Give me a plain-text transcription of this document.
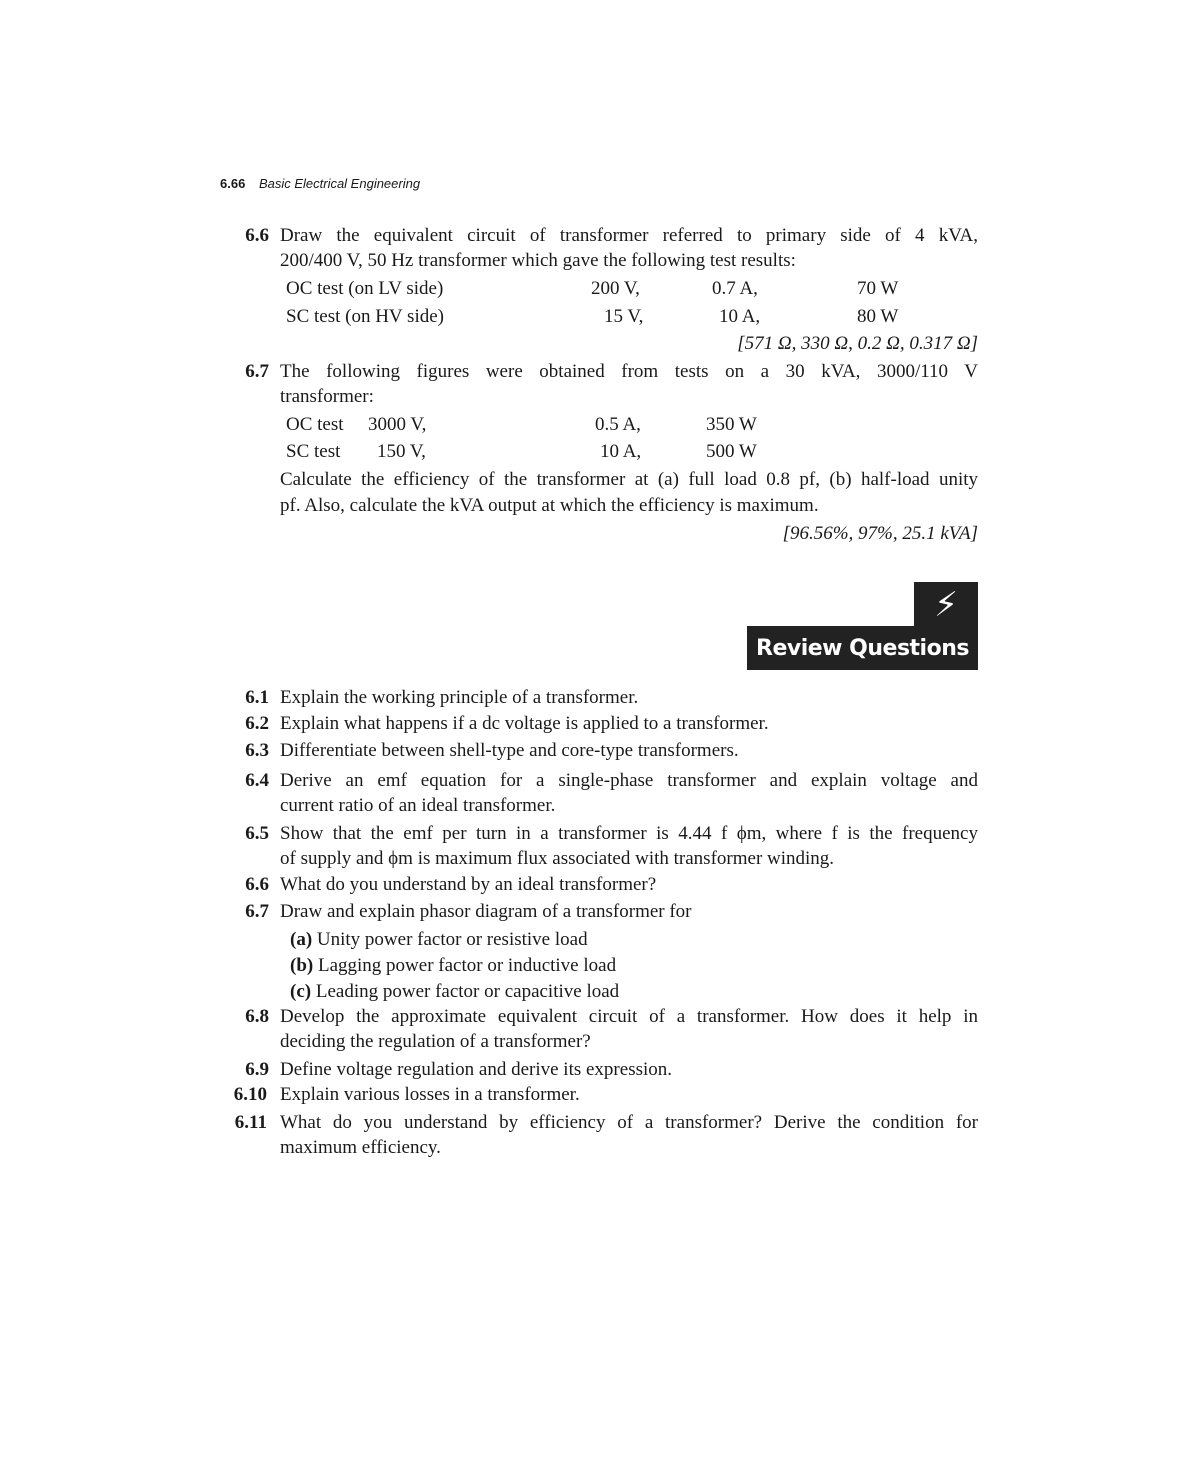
6.66 Basic Electrical Engineering
6.6 Draw the equivalent circuit of transformer referred to primary side of 4 kVA,
200/400 V, 50 Hz transformer which gave the following test results:
OC test (on LV side)	200 V,	0.7 A,	70 W
SC test (on HV side)	15 V,	10 A,	80 W
[571 Ω, 330 Ω, 0.2 Ω, 0.317 Ω]
6.7 The following figures were obtained from tests on a 30 kVA, 3000/110 V
transformer:
OC test 3000 V,	0.5 A,	350 W
SC test 150 V,	10 A,	500 W
Calculate the efficiency of the transformer at (a) full load 0.8 pf, (b) half-load unity
pf. Also, calculate the kVA output at which the efficiency is maximum.
[96.56%, 97%, 25.1 kVA]
⚡
Review Questions
6.1 Explain the working principle of a transformer.
6.2 Explain what happens if a dc voltage is applied to a transformer.
6.3 Differentiate between shell-type and core-type transformers.
6.4 Derive an emf equation for a single-phase transformer and explain voltage and
current ratio of an ideal transformer.
6.5 Show that the emf per turn in a transformer is 4.44 f ϕm, where f is the frequency
of supply and ϕm is maximum flux associated with transformer winding.
6.6 What do you understand by an ideal transformer?
6.7 Draw and explain phasor diagram of a transformer for
(a) Unity power factor or resistive load
(b) Lagging power factor or inductive load
(c) Leading power factor or capacitive load
6.8 Develop the approximate equivalent circuit of a transformer. How does it help in
deciding the regulation of a transformer?
6.9 Define voltage regulation and derive its expression.
6.10 Explain various losses in a transformer.
6.11 What do you understand by efficiency of a transformer? Derive the condition for
maximum efficiency.
